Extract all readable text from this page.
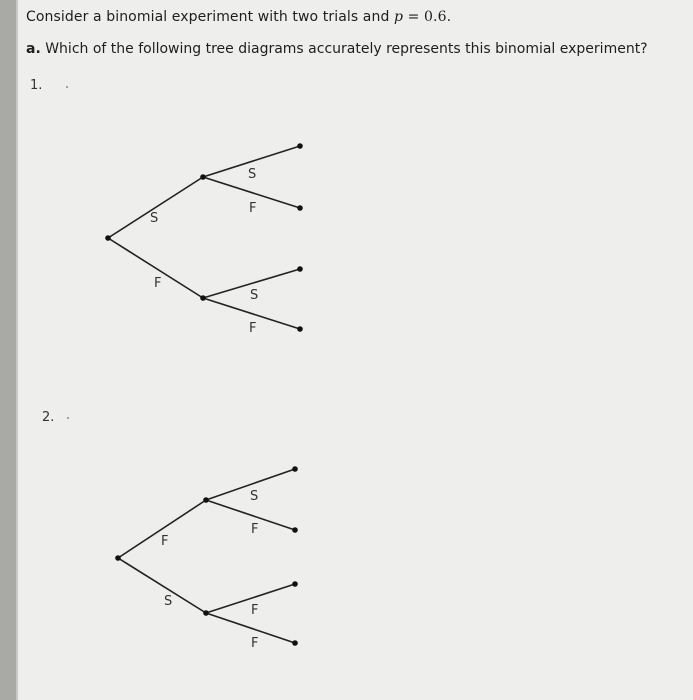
Consider a binomial experiment with two trials and p = 0.6.
a. Which of the following tree diagrams accurately represents this binomial experiment?
1.
S
F
S
F
S
F
2.
F
S
S
F
F
F
